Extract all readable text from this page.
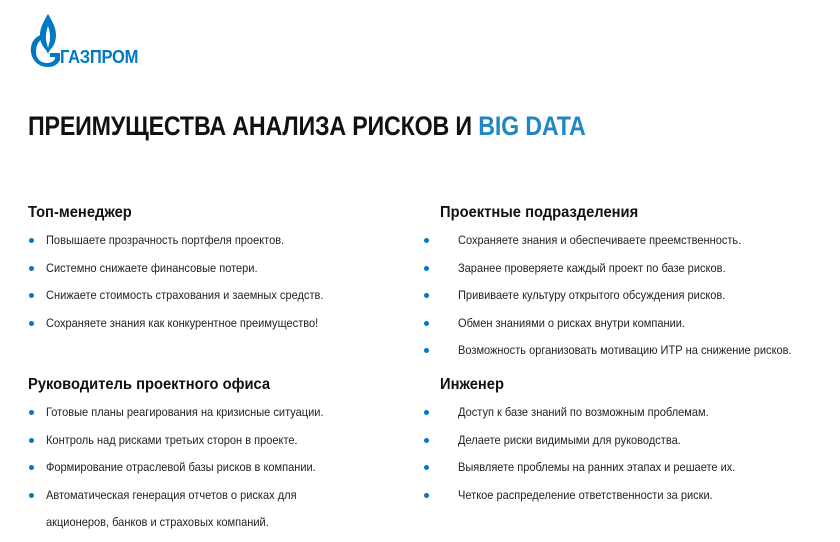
ГАЗПРОМ
ПРЕИМУЩЕСТВА АНАЛИЗА РИСКОВ И BIG DATA
Топ-менеджер
Повышаете прозрачность портфеля проектов.
Системно снижаете финансовые потери.
Снижаете стоимость страхования и заемных средств.
Сохраняете знания как конкурентное преимущество!
Руководитель проектного офиса
Готовые планы реагирования на кризисные ситуации.
Контроль над рисками третьих сторон в проекте.
Формирование отраслевой базы рисков в компании.
Автоматическая генерация отчетов о рисках для акционеров, банков и страховых компаний.
Проектные подразделения
Сохраняете знания и обеспечиваете преемственность.
Заранее проверяете каждый проект по базе рисков.
Прививаете культуру открытого обсуждения рисков.
Обмен знаниями о рисках внутри компании.
Возможность организовать мотивацию ИТР на снижение рисков.
Инженер
Доступ к базе знаний по возможным проблемам.
Делаете риски видимыми для руководства.
Выявляете проблемы на ранних этапах и решаете их.
Четкое распределение ответственности за риски.
